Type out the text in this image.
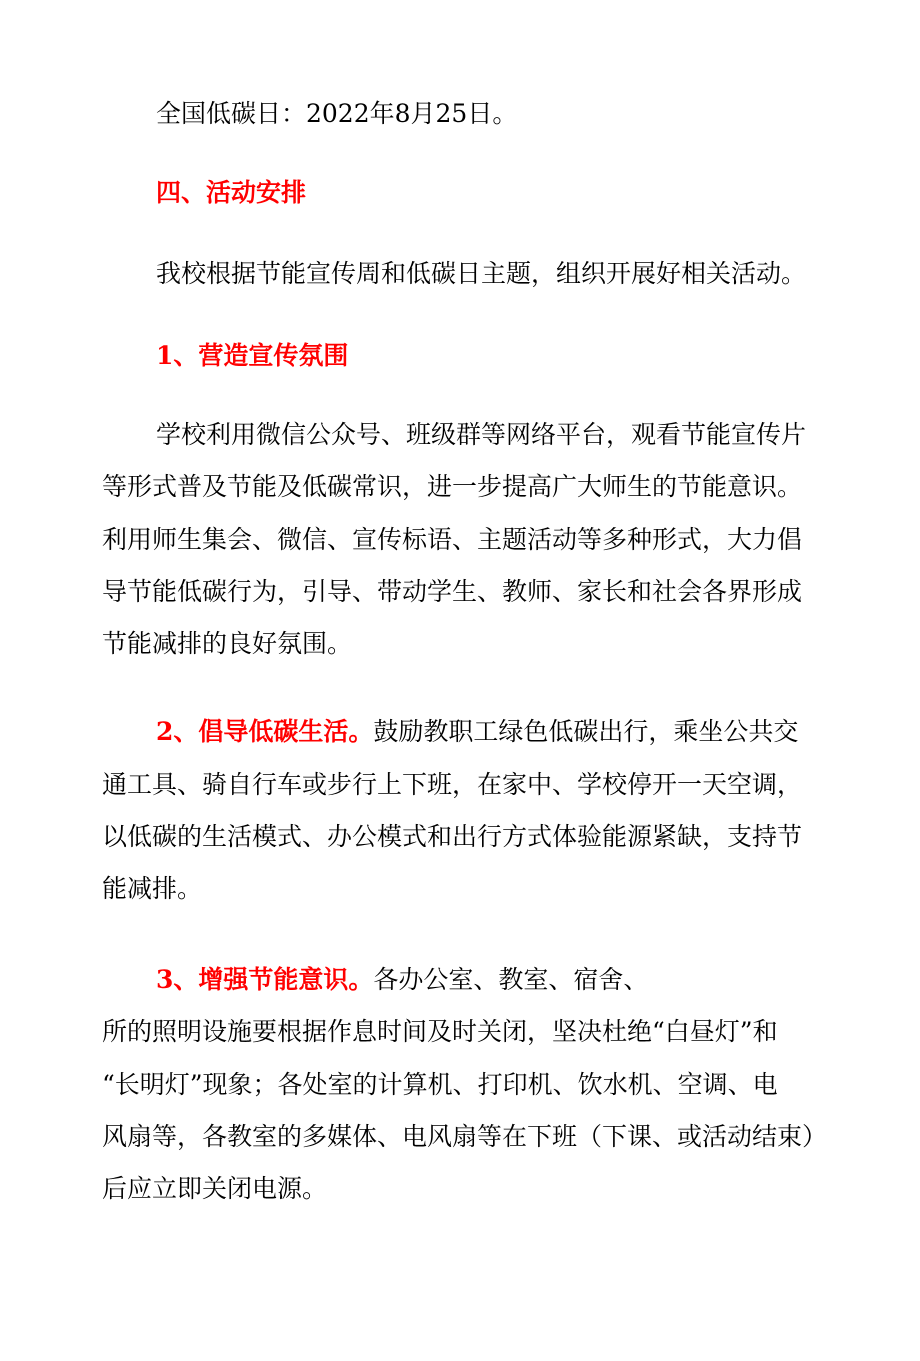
全国低碳日：2022年8月25日。
四、活动安排
我校根据节能宣传周和低碳日主题，组织开展好相关活动。
1、营造宣传氛围
学校利用微信公众号、班级群等网络平台，观看节能宣传片
等形式普及节能及低碳常识，进一步提高广大师生的节能意识。
利用师生集会、微信、宣传标语、主题活动等多种形式，大力倡
导节能低碳行为，引导、带动学生、教师、家长和社会各界形成
节能减排的良好氛围。
2、倡导低碳生活。鼓励教职工绿色低碳出行，乘坐公共交
通工具、骑自行车或步行上下班，在家中、学校停开一天空调，
以低碳的生活模式、办公模式和出行方式体验能源紧缺，支持节
能减排。
3、增强节能意识。各办公室、教室、宿舍、
所的照明设施要根据作息时间及时关闭，坚决杜绝“白昼灯”和
“长明灯”现象；各处室的计算机、打印机、饮水机、空调、电
风扇等，各教室的多媒体、电风扇等在下班（下课、或活动结束）
后应立即关闭电源。
